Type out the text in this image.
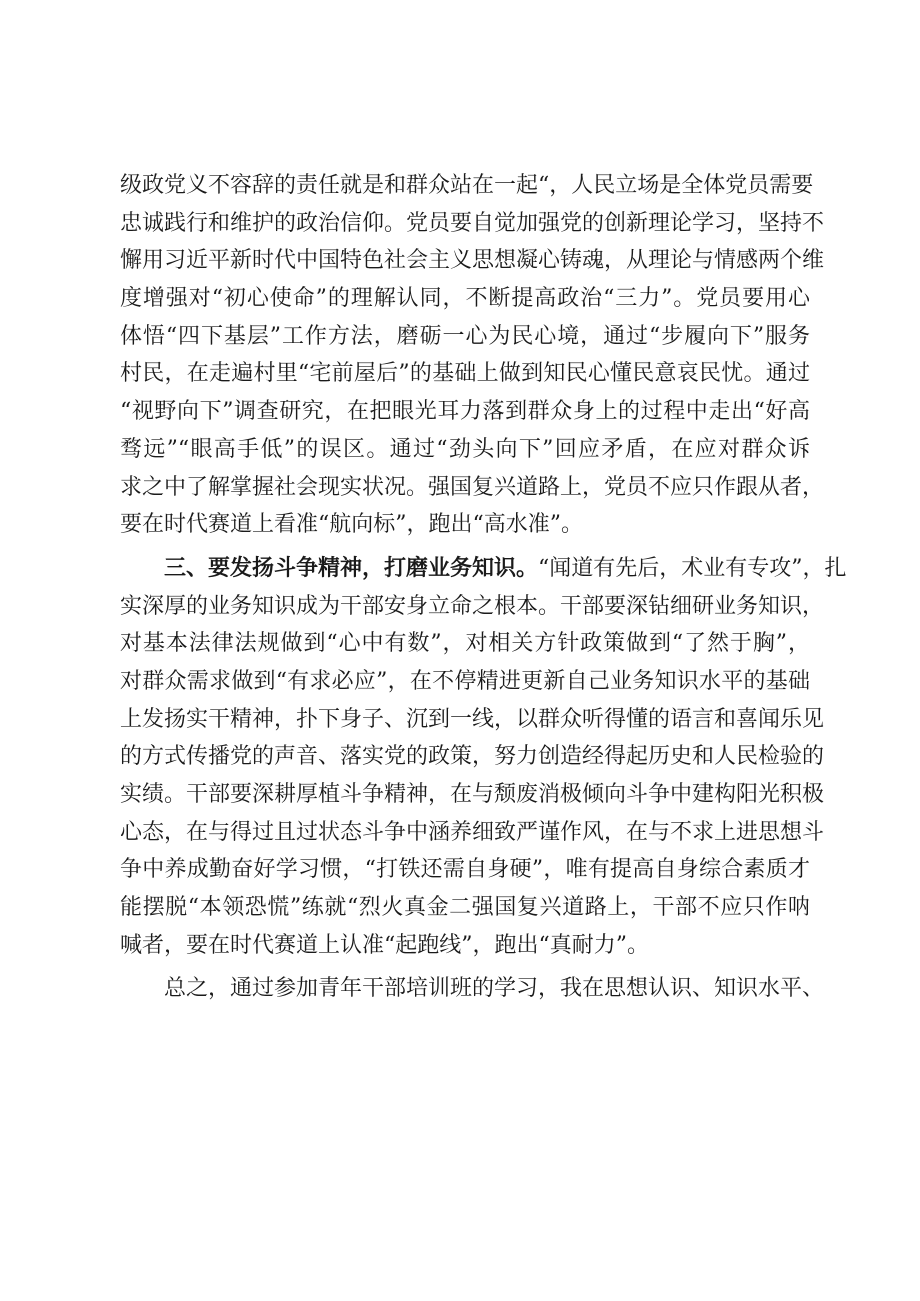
级政党义不容辞的责任就是和群众站在一起“，人民立场是全体党员需要
忠诚践行和维护的政治信仰。党员要自觉加强党的创新理论学习，坚持不
懈用习近平新时代中国特色社会主义思想凝心铸魂，从理论与情感两个维
度增强对“初心使命”的理解认同，不断提高政治“三力”。党员要用心
体悟“四下基层”工作方法，磨砺一心为民心境，通过“步履向下”服务
村民，在走遍村里“宅前屋后”的基础上做到知民心懂民意哀民忧。通过
“视野向下”调查研究，在把眼光耳力落到群众身上的过程中走出“好高
骛远”“眼高手低”的误区。通过“劲头向下”回应矛盾，在应对群众诉
求之中了解掌握社会现实状况。强国复兴道路上，党员不应只作跟从者，
要在时代赛道上看准“航向标”，跑出“高水准”。
三、要发扬斗争精神，打磨业务知识。“闻道有先后，术业有专攻”，扎
实深厚的业务知识成为干部安身立命之根本。干部要深钻细研业务知识，
对基本法律法规做到“心中有数”，对相关方针政策做到“了然于胸”，
对群众需求做到“有求必应”，在不停精进更新自己业务知识水平的基础
上发扬实干精神，扑下身子、沉到一线，以群众听得懂的语言和喜闻乐见
的方式传播党的声音、落实党的政策，努力创造经得起历史和人民检验的
实绩。干部要深耕厚植斗争精神，在与颓废消极倾向斗争中建构阳光积极
心态，在与得过且过状态斗争中涵养细致严谨作风，在与不求上进思想斗
争中养成勤奋好学习惯，“打铁还需自身硬”，唯有提高自身综合素质才
能摆脱“本领恐慌”练就“烈火真金二强国复兴道路上，干部不应只作呐
喊者，要在时代赛道上认准“起跑线”，跑出“真耐力”。
总之，通过参加青年干部培训班的学习，我在思想认识、知识水平、
